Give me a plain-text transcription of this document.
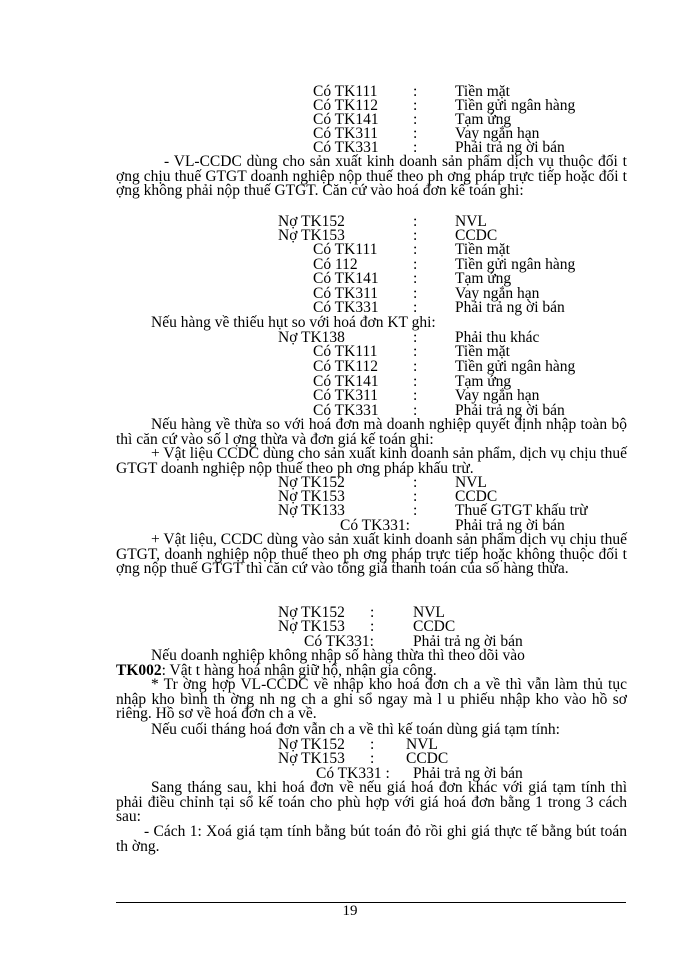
Có TK111 : Tiền mặt
Có TK112 : Tiền gửi ngân hàng
Có TK141 : Tạm ứng
Có TK311 : Vay ngắn hạn
Có TK331 : Phải trả ng ời bán
- VL-CCDC dùng cho sản xuất kinh doanh sản phẩm dịch vụ thuộc đối t ợng chịu thuế GTGT doanh nghiệp nộp thuế theo ph ơng pháp trực tiếp hoặc đối t ợng không phải nộp thuế GTGT. Căn cứ vào hoá đơn kế toán ghi:
Nợ TK152	: NVL
Nợ TK153	: CCDC
Có TK111 : Tiền mặt
Có 112	: Tiền gửi ngân hàng
Có TK141 : Tạm ứng
Có TK311 : Vay ngắn hạn
Có TK331 : Phải trả ng ời bán
Nếu hàng về thiếu hụt so với hoá đơn KT ghi:
Nợ TK138	: Phải thu khác
Có TK111 : Tiền mặt
Có TK112 : Tiền gửi ngân hàng
Có TK141 : Tạm ứng
Có TK311 : Vay ngắn hạn
Có TK331 : Phải trả ng ời bán
Nếu hàng về thừa so với hoá đơn mà doanh nghiệp quyết định nhập toàn bộ thì căn cứ vào số l ợng thừa và đơn giá kế toán ghi:
+ Vật liệu CCDC dùng cho sản xuất kinh doanh sản phẩm, dịch vụ chịu thuế GTGT doanh nghiệp nộp thuế theo ph ơng pháp khấu trừ.
Nợ TK152	: NVL
Nợ TK153	: CCDC
Nợ TK133	: Thuế GTGT khấu trừ
Có TK331:	Phải trả ng ời bán
+ Vật liệu, CCDC dùng vào sản xuất kinh doanh sản phẩm dịch vụ chịu thuế GTGT, doanh nghiệp nộp thuế theo ph ơng pháp trực tiếp hoặc không thuộc đối t ợng nộp thuế GTGT thì căn cứ vào tổng giá thanh toán của số hàng thừa.
Nợ TK152 : NVL
Nợ TK153 : CCDC
Có TK331:	Phải trả ng ời bán
Nếu doanh nghiệp không nhập số hàng thừa thì theo dõi vào
TK002: Vật t hàng hoá nhận giữ hộ, nhận gia công.
* Tr ờng hợp VL-CCDC về nhập kho hoá đơn ch a về thì vẫn làm thủ tục nhập kho bình th ờng nh ng ch a ghi sổ ngay mà l u phiếu nhập kho vào hồ sơ riêng. Hồ sơ về hoá đơn ch a về.
Nếu cuối tháng hoá đơn vẫn ch a về thì kế toán dùng giá tạm tính:
Nợ TK152 : NVL
Nợ TK153 : CCDC
Có TK331 : Phải trả ng ời bán
Sang tháng sau, khi hoá đơn về nếu giá hoá đơn khác với giá tạm tính thì phải điều chỉnh tại sổ kế toán cho phù hợp với giá hoá đơn bằng 1 trong 3 cách sau:
- Cách 1: Xoá giá tạm tính bằng bút toán đỏ rồi ghi giá thực tế bằng bút toán th ờng.
19
